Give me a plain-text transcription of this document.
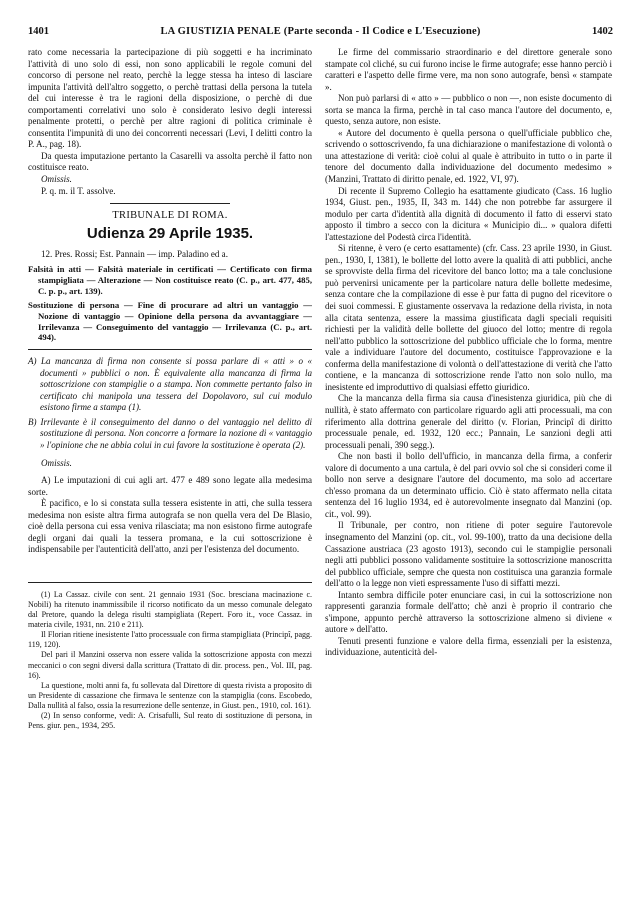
1401	LA GIUSTIZIA PENALE (Parte seconda - Il Codice e L'Esecuzione)	1402

rato come necessaria la partecipazione di più soggetti e ha incriminato l'attività di uno solo di essi, non sono applicabili le regole comuni del concorso di persone nel reato, perchè la legge stessa ha inteso di lasciare impunita l'attività dell'altro soggetto, o perchè trattasi della persona la tutela del cui interesse è tra le ragioni della disposizione, o perchè di due comportamenti correlativi uno solo è considerato lesivo degli interessi penalmente protetti, o perchè per altre ragioni di politica criminale è consentita l'impunità di uno dei concorrenti necessari (Levi, I delitti contro la P. A., pag. 18).

Da questa imputazione pertanto la Casarelli va assolta perchè il fatto non costituisce reato.

Omissis.

P. q. m. il T. assolve.

TRIBUNALE DI ROMA.

Udienza 29 Aprile 1935.

12. Pres. Rossi; Est. Pannain — imp. Paladino ed a.

Falsità in atti — Falsità materiale in certificati — Certificato con firma stampigliata — Alterazione — Non costituisce reato (C. p., art. 477, 485, C. p. p., art. 139).

Sostituzione di persona — Fine di procurare ad altri un vantaggio — Nozione di vantaggio — Opinione della persona da avvantaggiare — Irrilevanza — Conseguimento del vantaggio — Irrilevanza (C. p., art. 494).

A) La mancanza di firma non consente si possa parlare di « atti » o « documenti » pubblici o non. È equivalente alla mancanza di firma la sottoscrizione con stampiglie o a stampa. Non commette pertanto falso in certificato chi manipola una tessera del Dopolavoro, sul cui modulo esistono firme a stampa (1).

B) Irrilevante è il conseguimento del danno o del vantaggio nel delitto di sostituzione di persona. Non concorre a formare la nozione di « vantaggio » l'opinione che ne abbia colui in cui favore la sostituzione è operata (2).

Omissis.

A) Le imputazioni di cui agli art. 477 e 489 sono legate alla medesima sorte.

È pacifico, e lo si constata sulla tessera esistente in atti, che sulla tessera medesima non esiste altra firma autografa se non quella vera del De Blasio, cioè della persona cui essa veniva rilasciata; ma non esistono firme autografe degli organi dai quali la tessera promana, e la cui sottoscrizione è indispensabile per l'autenticità dell'atto, anzi per l'esistenza del documento.

(1) La Cassaz. civile con sent. 21 gennaio 1931 (Soc. bresciana macinazione c. Nobili) ha ritenuto inammissibile il ricorso notificato da un messo comunale delegato dal Pretore, quando la delega risulti stampigliata (Repert. Foro it., voce Cassaz. in materia civile, 1931, nn. 210 e 211).

Il Florian ritiene inesistente l'atto processuale con firma stampigliata (Principî, pagg. 119, 120).

Del pari il Manzini osserva non essere valida la sottoscrizione apposta con mezzi meccanici o con segni diversi dalla scrittura (Trattato di dir. process. pen., Vol. III, pag. 16).

La questione, molti anni fa, fu sollevata dal Direttore di questa rivista a proposito di un Presidente di cassazione che firmava le sentenze con la stampiglia (cons. Escobedo, Dalla nullità al falso, ossia la resurrezione delle sentenze, in Giust. pen., 1910, col. 161).

(2) In senso conforme, vedi: A. Crisafulli, Sul reato di sostituzione di persona, in Pens. giur. pen., 1934, 295.

Le firme del commissario straordinario e del direttore generale sono stampate col cliché, su cui furono incise le firme autografe; esse hanno perciò i caratteri e l'aspetto delle firme vere, ma non sono autografe, bensì « stampate ».

Non può parlarsi di « atto » — pubblico o non —, non esiste documento di sorta se manca la firma, perchè in tal caso manca l'autore del documento, e, questo, senza autore, non esiste.

« Autore del documento è quella persona o quell'ufficiale pubblico che, scrivendo o sottoscrivendo, fa una dichiarazione o manifestazione di volontà o una attestazione di verità: cioè colui al quale è attribuito in tutto o in parte il tenore del documento dalla individuazione del documento medesimo » (Manzini, Trattato di diritto penale, ed. 1922, VI, 97).

Di recente il Supremo Collegio ha esattamente giudicato (Cass. 16 luglio 1934, Giust. pen., 1935, II, 343 m. 144) che non potrebbe far assurgere il modulo per carta d'identità alla dignità di documento il fatto di esservi stato apposto il timbro a secco con la dicitura « Municipio di... » qualora difetti l'attestazione del Podestà circa l'identità.

Si ritenne, è vero (e certo esattamente) (cfr. Cass. 23 aprile 1930, in Giust. pen., 1930, I, 1381), le bollette del lotto avere la qualità di atti pubblici, anche se sprovviste della firma del ricevitore del banco lotto; ma a tale conclusione può pervenirsi unicamente per la particolare natura delle bollette medesime, senza contare che la compilazione di esse è pur fatta di pugno del ricevitore o dei suoi commessi. E giustamente osservava la redazione della rivista, in nota alla citata sentenza, essere la massima giustificata dagli speciali requisiti richiesti per la validità delle bollette del giuoco del lotto; mentre di regola nell'atto pubblico la sottoscrizione del pubblico ufficiale che lo forma, mentre vale a individuare l'autore del documento, costituisce l'approvazione e la conferma della manifestazione di volontà o dell'attestazione di verità che l'atto contiene, e la mancanza di sottoscrizione rende l'atto non solo nullo, ma inesistente ed improduttivo di qualsiasi effetto giuridico.

Che la mancanza della firma sia causa d'inesistenza giuridica, più che di nullità, è stato affermato con particolare riguardo agli atti processuali, ma con riferimento alla dottrina generale del diritto (v. Florian, Principî di diritto processuale penale, ed. 1932, 120 ecc.; Pannain, Le sanzioni degli atti processuali penali, 390 segg.).

Che non basti il bollo dell'ufficio, in mancanza della firma, a conferir valore di documento a una cartula, è del pari ovvio sol che si consideri come il bollo non serve a designare l'autore del documento, ma solo ad accertare ch'esso promana da un determinato ufficio. Ciò è stato affermato nella citata sentenza del 16 luglio 1934, ed è autorevolmente insegnato dal Manzini (op. cit., vol. 99).

Il Tribunale, per contro, non ritiene di poter seguire l'autorevole insegnamento del Manzini (op. cit., vol. 99-100), tratto da una decisione della Cassazione austriaca (23 agosto 1913), secondo cui le stampiglie personali negli atti pubblici possono validamente sostituire la sottoscrizione manoscritta del pubblico ufficiale, sempre che questa non costituisca una garanzia formale dell'atto o la legge non vieti espressamente l'uso di siffatti mezzi.

Intanto sembra difficile poter enunciare casi, in cui la sottoscrizione non rappresenti garanzia formale dell'atto; chè anzi è proprio il contrario che s'impone, appunto perchè attraverso la sottoscrizione almeno si diviene « autore » dell'atto.

Tenuti presenti funzione e valore della firma, essenziali per la esistenza, individuazione, autenticità del-
